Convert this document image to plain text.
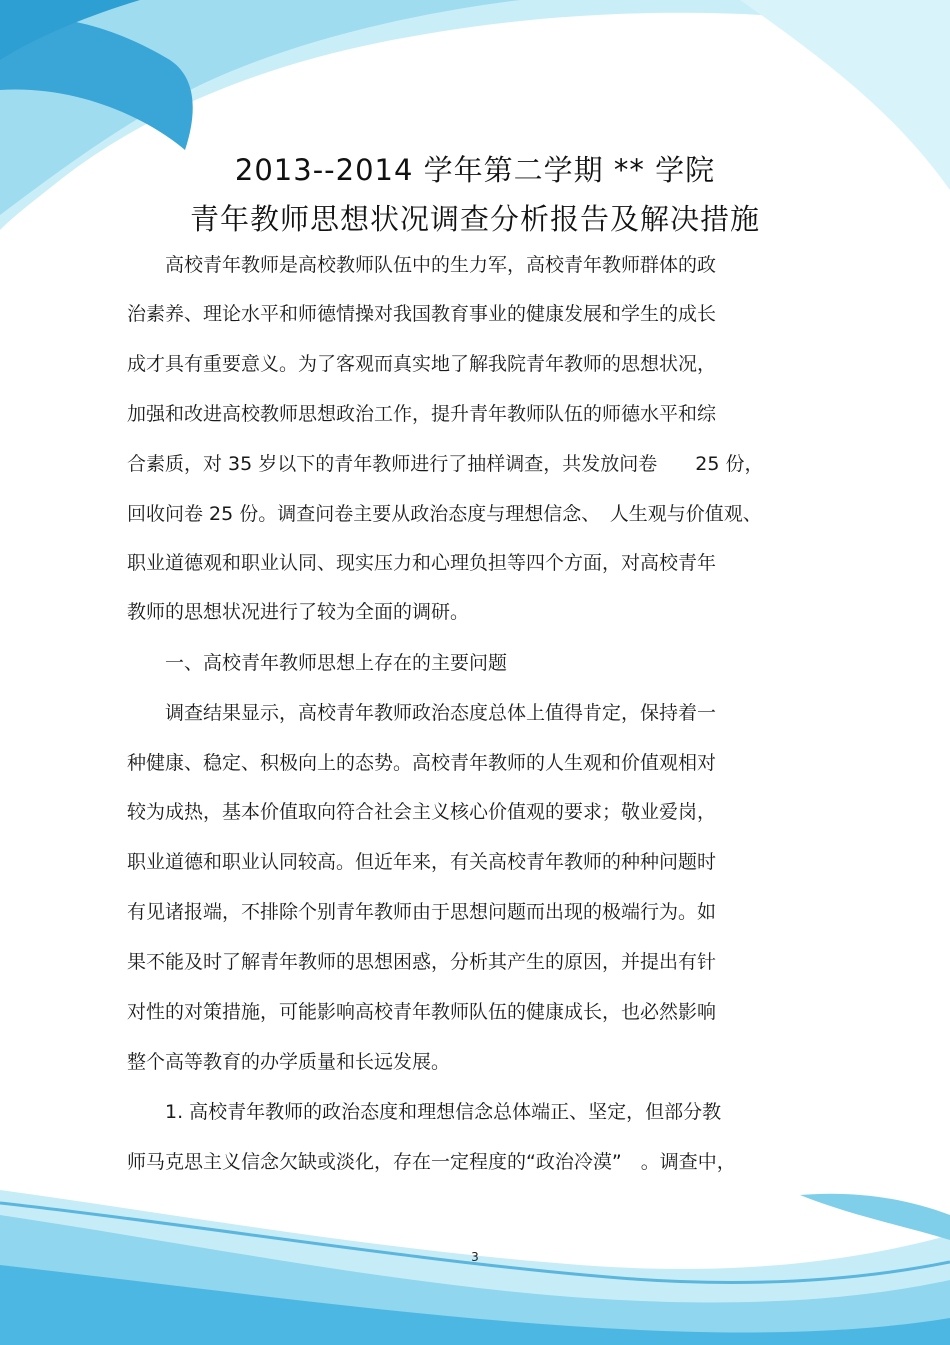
2013--2014 学年第二学期 ** 学院
青年教师思想状况调查分析报告及解决措施
　　高校青年教师是高校教师队伍中的生力军，高校青年教师群体的政
治素养、理论水平和师德情操对我国教育事业的健康发展和学生的成长
成才具有重要意义。为了客观而真实地了解我院青年教师的思想状况，
加强和改进高校教师思想政治工作，提升青年教师队伍的师德水平和综
合素质，对 35 岁以下的青年教师进行了抽样调查，共发放问卷　　25 份，
回收问卷 25 份。调查问卷主要从政治态度与理想信念、　人生观与价值观、
职业道德观和职业认同、现实压力和心理负担等四个方面，对高校青年
教师的思想状况进行了较为全面的调研。
　　一、高校青年教师思想上存在的主要问题
　　调查结果显示，高校青年教师政治态度总体上值得肯定，保持着一
种健康、稳定、积极向上的态势。高校青年教师的人生观和价值观相对
较为成热，基本价值取向符合社会主义核心价值观的要求；敬业爱岗，
职业道德和职业认同较高。但近年来，有关高校青年教师的种种问题时
有见诸报端，不排除个别青年教师由于思想问题而出现的极端行为。如
果不能及时了解青年教师的思想困惑，分析其产生的原因，并提出有针
对性的对策措施，可能影响高校青年教师队伍的健康成长，也必然影响
整个高等教育的办学质量和长远发展。
　　1. 高校青年教师的政治态度和理想信念总体端正、坚定，但部分教
师马克思主义信念欠缺或淡化，存在一定程度的“政治冷漠”　。调查中，
3
